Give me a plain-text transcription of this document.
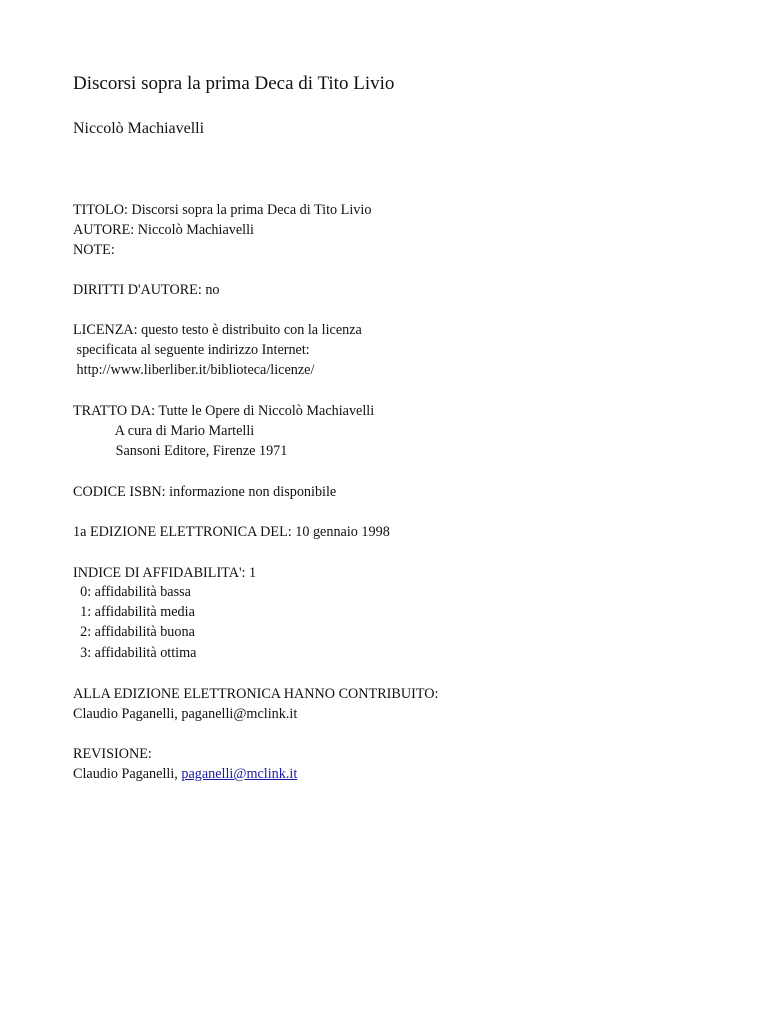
Discorsi sopra la prima Deca di Tito Livio
Niccolò Machiavelli
TITOLO: Discorsi sopra la prima Deca di Tito Livio
AUTORE: Niccolò Machiavelli
NOTE:
DIRITTI D'AUTORE: no
LICENZA: questo testo è distribuito con la licenza
specificata al seguente indirizzo Internet:
http://www.liberliber.it/biblioteca/licenze/
TRATTO DA: Tutte le Opere di Niccolò Machiavelli
A cura di Mario Martelli
Sansoni Editore, Firenze 1971
CODICE ISBN: informazione non disponibile
1a EDIZIONE ELETTRONICA DEL: 10 gennaio 1998
INDICE DI AFFIDABILITA': 1
0: affidabilità bassa
1: affidabilità media
2: affidabilità buona
3: affidabilità ottima
ALLA EDIZIONE ELETTRONICA HANNO CONTRIBUITO:
Claudio Paganelli, paganelli@mclink.it
REVISIONE:
Claudio Paganelli, paganelli@mclink.it
